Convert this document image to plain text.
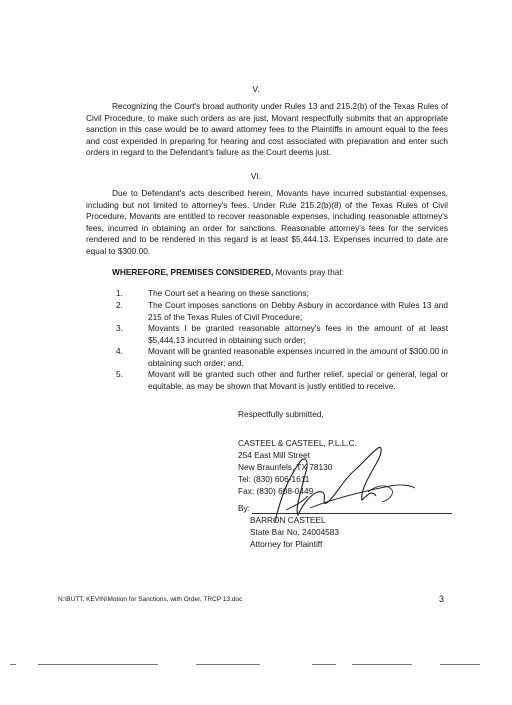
V.
Recognizing the Court's broad authority under Rules 13 and 215.2(b) of the Texas Rules of Civil Procedure, to make such orders as are just, Movant respectfully submits that an appropriate sanction in this case would be to award attorney fees to the Plaintiffs in amount equal to the fees and cost expended in preparing for hearing and cost associated with preparation and enter such orders in regard to the Defendant's failure as the Court deems just.
VI.
Due to Defendant's acts described herein, Movants have incurred substantial expenses, including but not limited to attorney's fees. Under Rule 215.2(b)(8) of the Texas Rules of Civil Procedure, Movants are entitled to recover reasonable expenses, including reasonable attorney's fees, incurred in obtaining an order for sanctions. Reasonable attorney's fees for the services rendered and to be rendered in this regard is at least $5,444.13. Expenses incurred to date are equal to $300.00.
WHEREFORE, PREMISES CONSIDERED, Movants pray that:
1.	The Court set a hearing on these sanctions;
2.	The Court imposes sanctions on Debby Asbury in accordance with Rules 13 and 215 of the Texas Rules of Civil Procedure;
3.	Movants I be granted reasonable attorney's fees in the amount of at least $5,444.13 incurred in obtaining such order;
4.	Movant will be granted reasonable expenses incurred in the amount of $300.00 in obtaining such order; and,
5.	Movant will be granted such other and further relief, special or general, legal or equitable, as may be shown that Movant is justly entitled to receive.
Respectfully submitted,
CASTEEL & CASTEEL, P.L.L.C.
254 East Mill Street
New Braunfels, TX 78130
Tel: (830) 606-1611
Fax: (830) 608-0449
By:
BARRON CASTEEL
State Bar No. 24004583
Attorney for Plaintiff
N:\BUTT, KEVIN\Motion for Sanctions, with Order, TRCP 13.doc	3
